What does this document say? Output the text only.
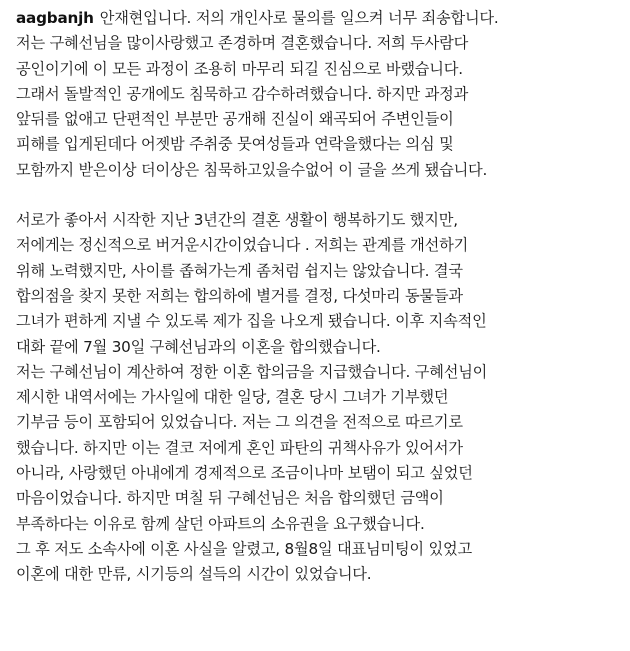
aagbanjh 안재현입니다. 저의 개인사로 물의를 일으켜 너무 죄송합니다.
저는 구혜선님을 많이사랑했고 존경하며 결혼했습니다. 저희 두사람다
공인이기에 이 모든 과정이 조용히 마무리 되길 진심으로 바랬습니다.
그래서 돌발적인 공개에도 침묵하고 감수하려했습니다. 하지만 과정과
앞뒤를 없애고 단편적인 부분만 공개해 진실이 왜곡되어 주변인들이
피해를 입게된데다 어젯밤 주취중 뭇여성들과 연락을했다는 의심 및
모함까지 받은이상 더이상은 침묵하고있을수없어 이 글을 쓰게 됐습니다.
서로가 좋아서 시작한 지난 3년간의 결혼 생활이 행복하기도 했지만,
저에게는 정신적으로 버거운시간이었습니다 . 저희는 관계를 개선하기
위해 노력했지만, 사이를 좁혀가는게 좀처럼 쉽지는 않았습니다. 결국
합의점을 찾지 못한 저희는 합의하에 별거를 결정, 다섯마리 동물들과
그녀가 편하게 지낼 수 있도록 제가 집을 나오게 됐습니다. 이후 지속적인
대화 끝에 7월 30일 구혜선님과의 이혼을 합의했습니다.
저는 구혜선님이 계산하여 정한 이혼 합의금을 지급했습니다. 구혜선님이
제시한 내역서에는 가사일에 대한 일당, 결혼 당시 그녀가 기부했던
기부금 등이 포함되어 있었습니다. 저는 그 의견을 전적으로 따르기로
했습니다. 하지만 이는 결코 저에게 혼인 파탄의 귀책사유가 있어서가
아니라, 사랑했던 아내에게 경제적으로 조금이나마 보탬이 되고 싶었던
마음이었습니다. 하지만 며칠 뒤 구혜선님은 처음 합의했던 금액이
부족하다는 이유로 함께 살던 아파트의 소유권을 요구했습니다.
그 후 저도 소속사에 이혼 사실을 알렸고, 8월8일 대표님미팅이 있었고
이혼에 대한 만류, 시기등의 설득의 시간이 있었습니다.
